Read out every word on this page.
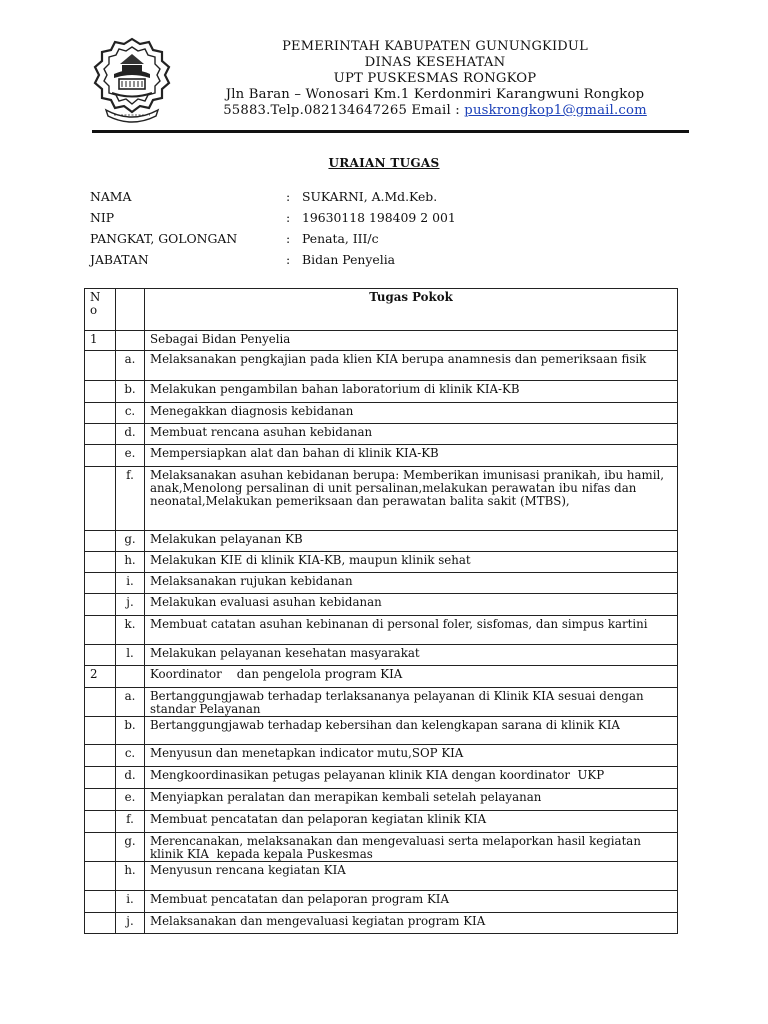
PEMERINTAH KABUPATEN GUNUNGKIDUL
DINAS KESEHATAN
UPT PUSKESMAS RONGKOP
Jln Baran – Wonosari Km.1 Kerdonmiri Karangwuni Rongkop
55883.Telp.082134647265 Email : puskrongkop1@gmail.com
URAIAN TUGAS
NAMA	: SUKARNI, A.Md.Keb.
NIP	: 19630118 198409 2 001
PANGKAT, GOLONGAN	: Penata, III/c
JABATAN	: Bidan Penyelia
N
o		Tugas Pokok
1		Sebagai Bidan Penyelia
	a.	Melaksanakan pengkajian pada klien KIA berupa anamnesis dan pemeriksaan fisik
	b.	Melakukan pengambilan bahan laboratorium di klinik KIA-KB
	c.	Menegakkan diagnosis kebidanan
	d.	Membuat rencana asuhan kebidanan
	e.	Mempersiapkan alat dan bahan di klinik KIA-KB
	f.	Melaksanakan asuhan kebidanan berupa: Memberikan imunisasi pranikah, ibu hamil, anak,Menolong persalinan di unit persalinan,melakukan perawatan ibu nifas dan neonatal,Melakukan pemeriksaan dan perawatan balita sakit (MTBS),
	g.	Melakukan pelayanan KB
	h.	Melakukan KIE di klinik KIA-KB, maupun klinik sehat
	i.	Melaksanakan rujukan kebidanan
	j.	Melakukan evaluasi asuhan kebidanan
	k.	Membuat catatan asuhan kebinanan di personal foler, sisfomas, dan simpus kartini
	l.	Melakukan pelayanan kesehatan masyarakat
2		Koordinator    dan pengelola program KIA
	a.	Bertanggungjawab terhadap terlaksananya pelayanan di Klinik KIA sesuai dengan standar Pelayanan
	b.	Bertanggungjawab terhadap kebersihan dan kelengkapan sarana di klinik KIA
	c.	Menyusun dan menetapkan indicator mutu,SOP KIA
	d.	Mengkoordinasikan petugas pelayanan klinik KIA dengan koordinator  UKP
	e.	Menyiapkan peralatan dan merapikan kembali setelah pelayanan
	f.	Membuat pencatatan dan pelaporan kegiatan klinik KIA
	g.	Merencanakan, melaksanakan dan mengevaluasi serta melaporkan hasil kegiatan klinik KIA  kepada kepala Puskesmas
	h.	Menyusun rencana kegiatan KIA
	i.	Membuat pencatatan dan pelaporan program KIA
	j.	Melaksanakan dan mengevaluasi kegiatan program KIA
